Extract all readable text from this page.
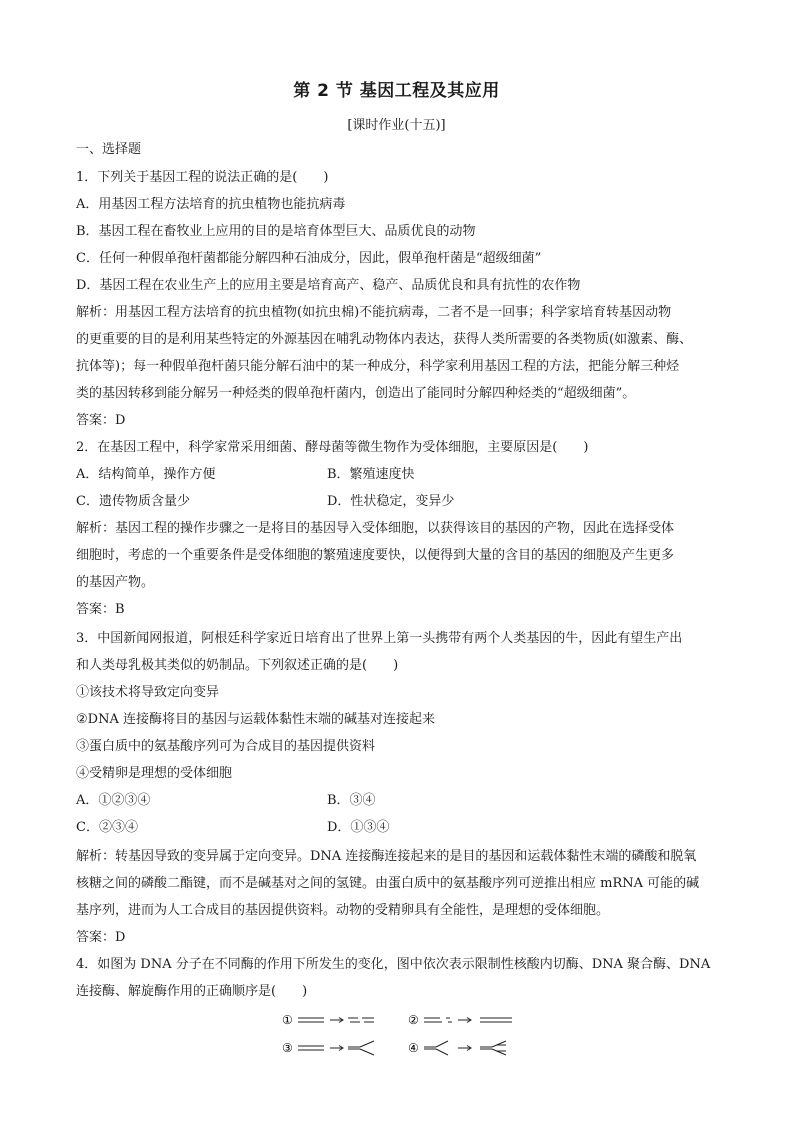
第 2 节 基因工程及其应用
[课时作业(十五)]
一、选择题
1．下列关于基因工程的说法正确的是(　　)
A．用基因工程方法培育的抗虫植物也能抗病毒
B．基因工程在畜牧业上应用的目的是培育体型巨大、品质优良的动物
C．任何一种假单孢杆菌都能分解四种石油成分，因此，假单孢杆菌是“超级细菌”
D．基因工程在农业生产上的应用主要是培育高产、稳产、品质优良和具有抗性的农作物
解析：用基因工程方法培育的抗虫植物(如抗虫棉)不能抗病毒，二者不是一回事；科学家培育转基因动物
的更重要的目的是利用某些特定的外源基因在哺乳动物体内表达，获得人类所需要的各类物质(如激素、酶、
抗体等)；每一种假单孢杆菌只能分解石油中的某一种成分，科学家利用基因工程的方法，把能分解三种烃
类的基因转移到能分解另一种烃类的假单孢杆菌内，创造出了能同时分解四种烃类的“超级细菌”。
答案：D
2．在基因工程中，科学家常采用细菌、酵母菌等微生物作为受体细胞，主要原因是(　　)
A．结构简单，操作方便	B．繁殖速度快
C．遗传物质含量少	D．性状稳定，变异少
解析：基因工程的操作步骤之一是将目的基因导入受体细胞，以获得该目的基因的产物，因此在选择受体
细胞时，考虑的一个重要条件是受体细胞的繁殖速度要快，以便得到大量的含目的基因的细胞及产生更多
的基因产物。
答案：B
3．中国新闻网报道，阿根廷科学家近日培育出了世界上第一头携带有两个人类基因的牛，因此有望生产出
和人类母乳极其类似的奶制品。下列叙述正确的是(　　)
①该技术将导致定向变异
②DNA 连接酶将目的基因与运载体黏性末端的碱基对连接起来
③蛋白质中的氨基酸序列可为合成目的基因提供资料
④受精卵是理想的受体细胞
A．①②③④	B．③④
C．②③④	D．①③④
解析：转基因导致的变异属于定向变异。DNA 连接酶连接起来的是目的基因和运载体黏性末端的磷酸和脱氧
核糖之间的磷酸二酯键，而不是碱基对之间的氢键。由蛋白质中的氨基酸序列可逆推出相应 mRNA 可能的碱
基序列，进而为人工合成目的基因提供资料。动物的受精卵具有全能性，是理想的受体细胞。
答案：D
4．如图为 DNA 分子在不同酶的作用下所发生的变化，图中依次表示限制性核酸内切酶、DNA 聚合酶、DNA
连接酶、解旋酶作用的正确顺序是(　　)
①	②
③	④
